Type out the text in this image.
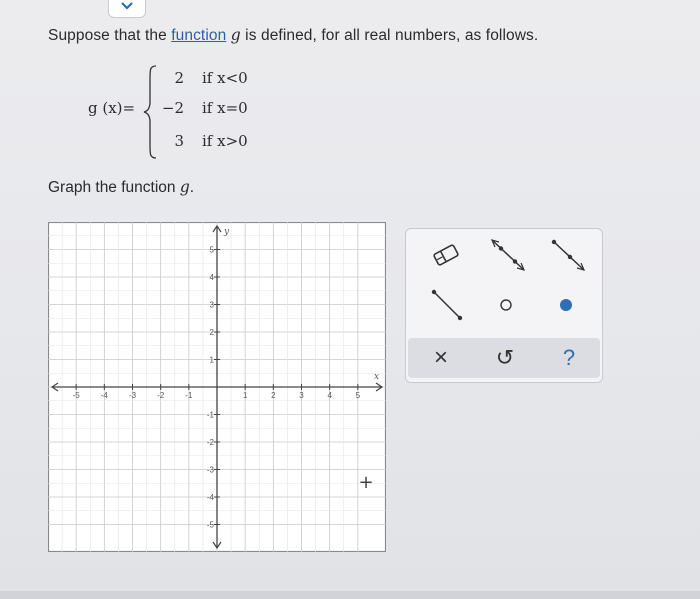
Suppose that the function g is defined, for all real numbers, as follows.
g (x)=
2 if x<0
−2 if x=0
3 if x>0
Graph the function g.
-5	-4	-3	-2	-1	1	2	3	4	5
5
4
3
2
1
-1
-2
-3
-4
-5
x
y
+
× ↺ ?
